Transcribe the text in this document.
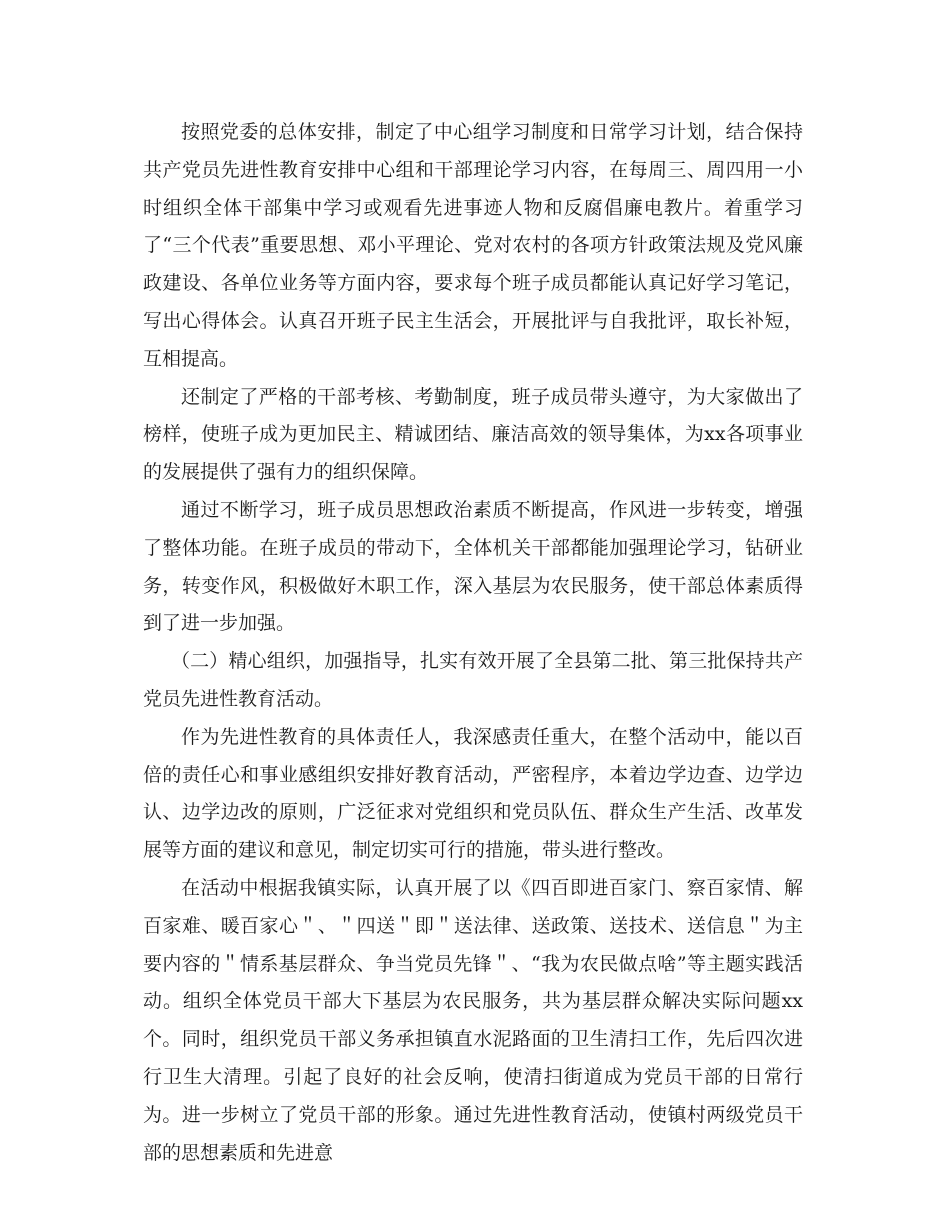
按照党委的总体安排，制定了中心组学习制度和日常学习计划，结合保持共产党员先进性教育安排中心组和干部理论学习内容，在每周三、周四用一小时组织全体干部集中学习或观看先进事迹人物和反腐倡廉电教片。着重学习了“三个代表”重要思想、邓小平理论、党对农村的各项方针政策法规及党风廉政建设、各单位业务等方面内容，要求每个班子成员都能认真记好学习笔记，写出心得体会。认真召开班子民主生活会，开展批评与自我批评，取长补短，互相提高。

还制定了严格的干部考核、考勤制度，班子成员带头遵守，为大家做出了榜样，使班子成为更加民主、精诚团结、廉洁高效的领导集体，为xx各项事业的发展提供了强有力的组织保障。

通过不断学习，班子成员思想政治素质不断提高，作风进一步转变，增强了整体功能。在班子成员的带动下，全体机关干部都能加强理论学习，钻研业务，转变作风，积极做好木职工作，深入基层为农民服务，使干部总体素质得到了进一步加强。

（二）精心组织，加强指导，扎实有效开展了全县第二批、第三批保持共产党员先进性教育活动。

作为先进性教育的具体责任人，我深感责任重大，在整个活动中，能以百倍的责任心和事业感组织安排好教育活动，严密程序，本着边学边查、边学边认、边学边改的原则，广泛征求对党组织和党员队伍、群众生产生活、改革发展等方面的建议和意见，制定切实可行的措施，带头进行整改。

在活动中根据我镇实际，认真开展了以《四百即进百家门、察百家情、解百家难、暖百家心＂、＂四送＂即＂送法律、送政策、送技术、送信息＂为主要内容的＂情系基层群众、争当党员先锋＂、“我为农民做点啥”等主题实践活动。组织全体党员干部大下基层为农民服务，共为基层群众解决实际问题xx个。同时，组织党员干部义务承担镇直水泥路面的卫生清扫工作，先后四次进行卫生大清理。引起了良好的社会反响，使清扫街道成为党员干部的日常行为。进一步树立了党员干部的形象。通过先进性教育活动，使镇村两级党员干部的思想素质和先进意
